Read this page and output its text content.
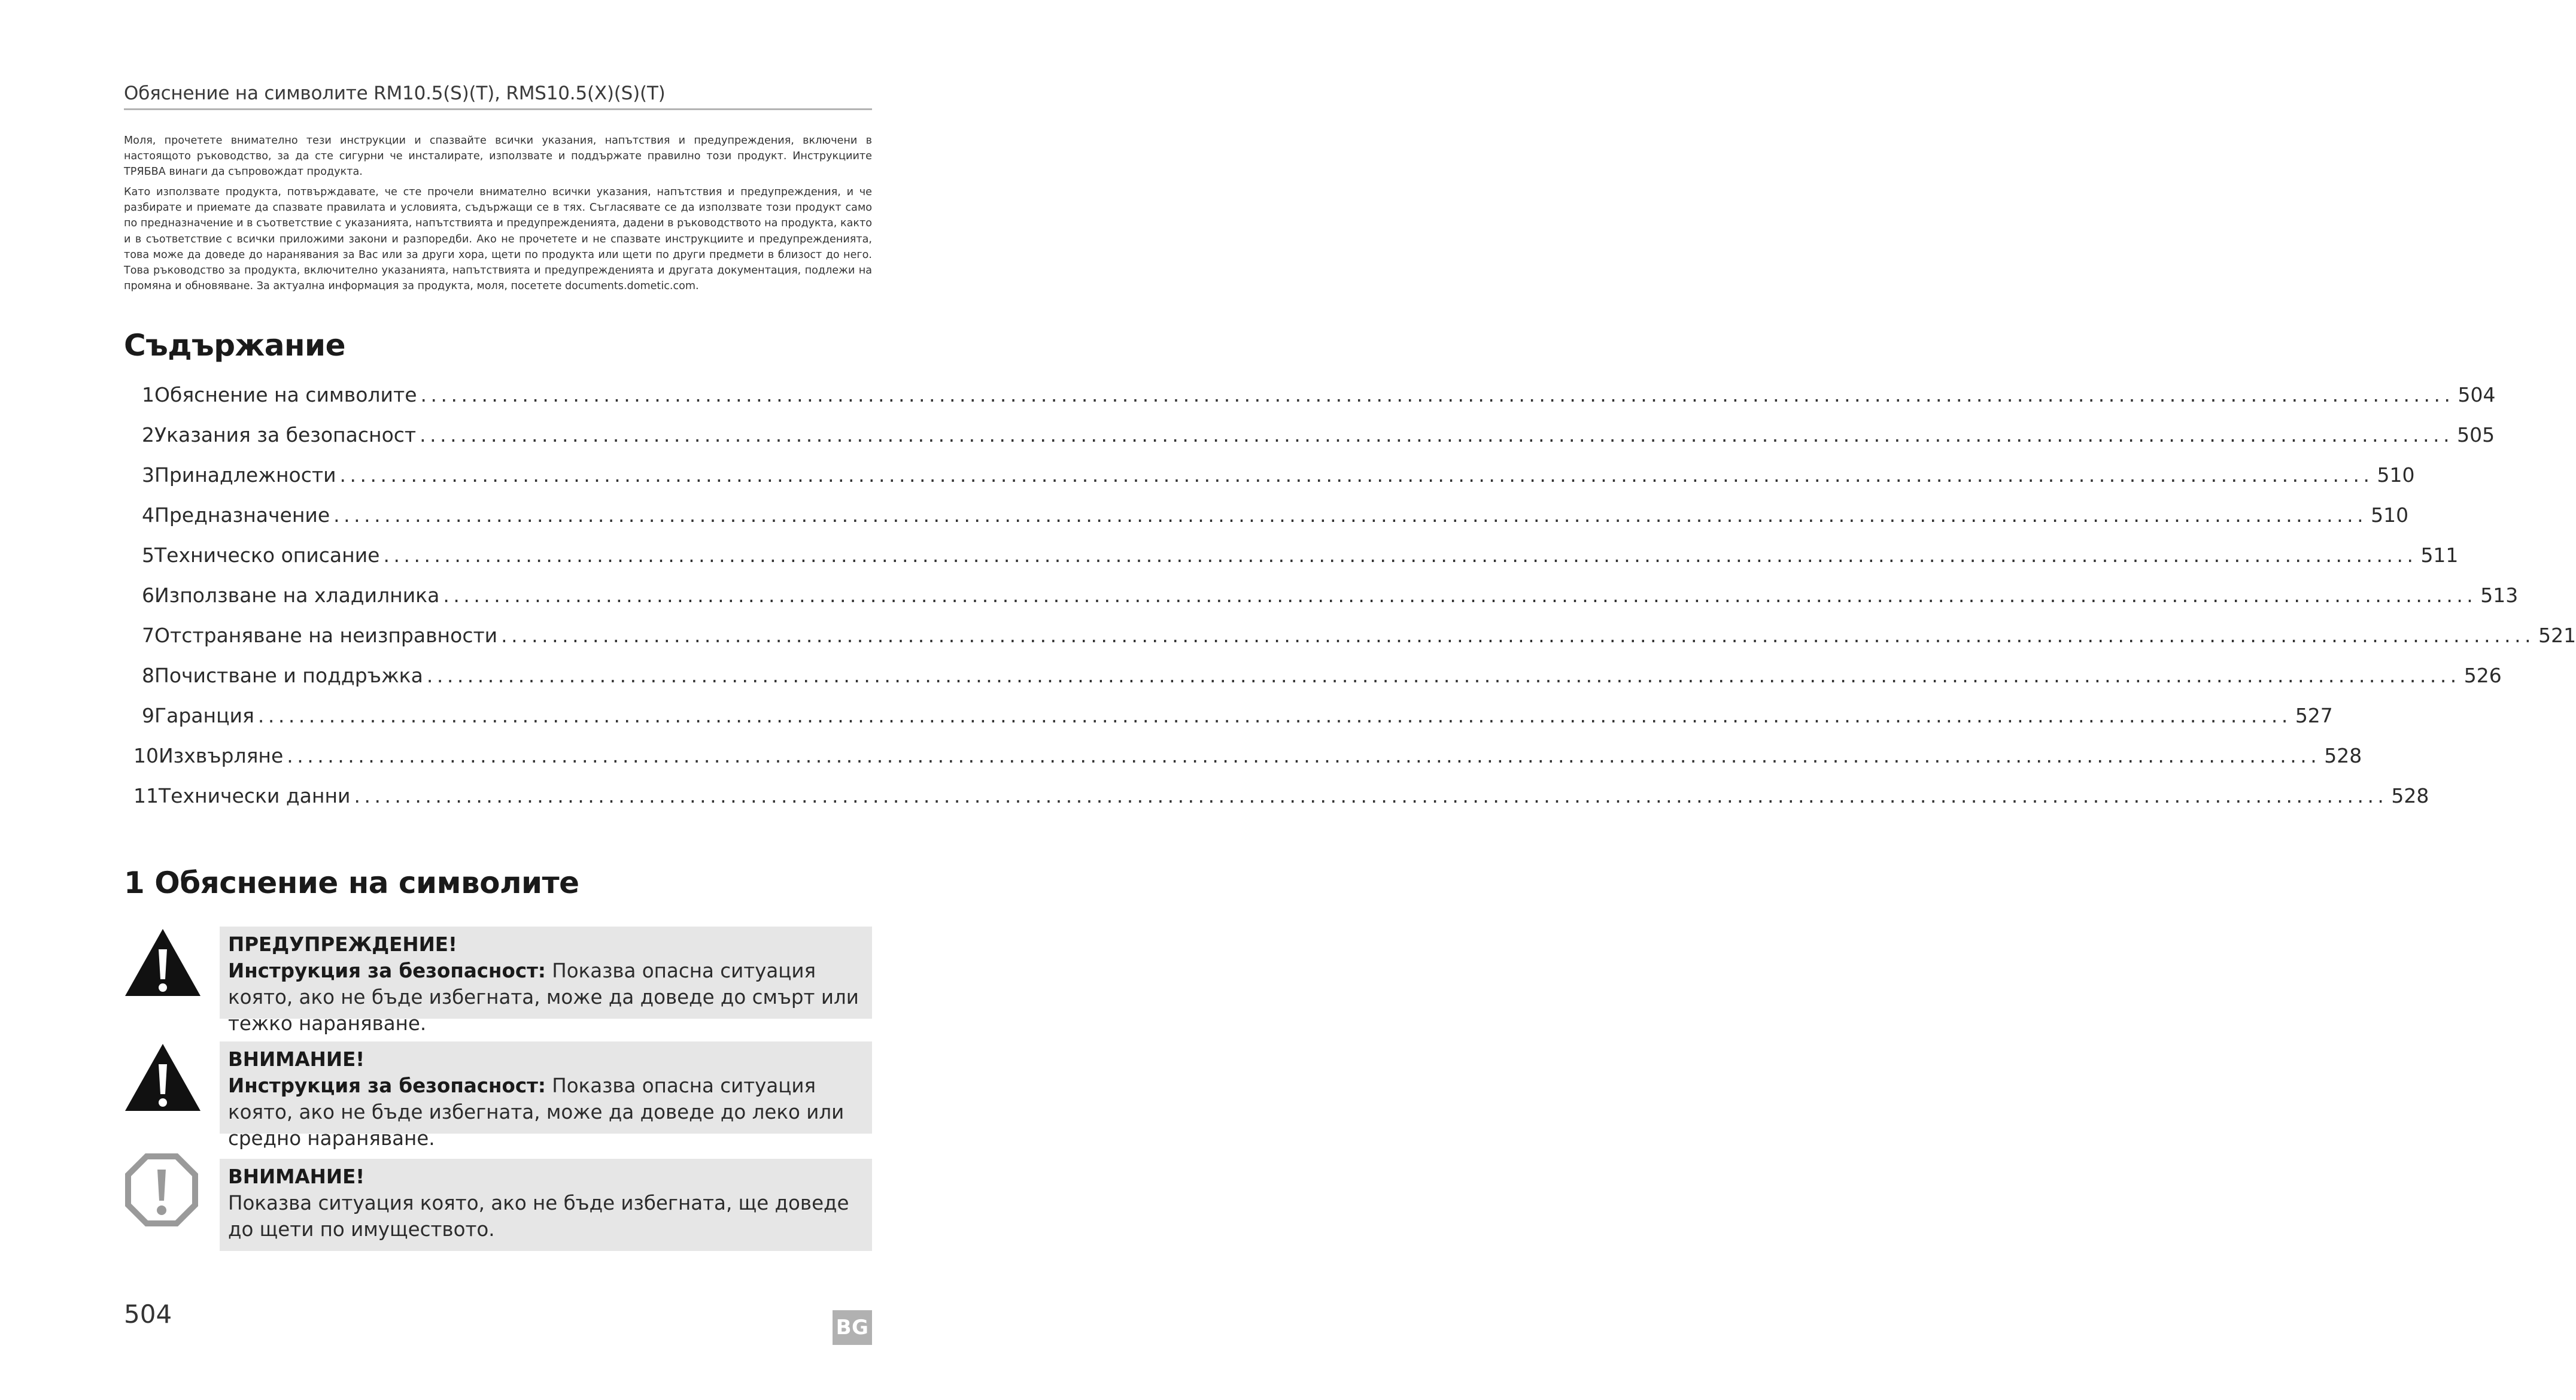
Обяснение на символите RM10.5(S)(T), RMS10.5(X)(S)(T)

Моля, прочетете внимателно тези инструкции и спазвайте всички указания, напътствия и предупреждения, включени в настоящото ръководство, за да сте сигурни че инсталирате, използвате и поддържате правилно този продукт. Инструкциите ТРЯБВА винаги да съпровождат продукта.

Като използвате продукта, потвърждавате, че сте прочели внимателно всички указания, напътствия и предупреждения, и че разбирате и приемате да спазвате правилата и условията, съдържащи се в тях. Съгласявате се да използвате този продукт само по предназначение и в съответствие с указанията, напътствията и предупрежденията, дадени в ръководството на продукта, както и в съответствие с всички приложими закони и разпоредби. Ако не прочетете и не спазвате инструкциите и предупрежденията, това може да доведе до наранявания за Вас или за други хора, щети по продукта или щети по други предмети в близост до него. Това ръководство за продукта, включително указанията, напътствията и предупрежденията и другата документация, подлежи на промяна и обновяване. За актуална информация за продукта, моля, посетете documents.dometic.com.

Съдържание
1 Обяснение на символите ........................................................................................................................................................................................................ 504
2 Указания за безопасност ........................................................................................................................................................................................................ 505
3 Принадлежности ........................................................................................................................................................................................................ 510
4 Предназначение ........................................................................................................................................................................................................ 510
5 Техническо описание ........................................................................................................................................................................................................ 511
6 Използване на хладилника ........................................................................................................................................................................................................ 513
7 Отстраняване на неизправности ........................................................................................................................................................................................................ 521
8 Почистване и поддръжка ........................................................................................................................................................................................................ 526
9 Гаранция ........................................................................................................................................................................................................ 527
10 Изхвърляне ........................................................................................................................................................................................................ 528
11 Технически данни ........................................................................................................................................................................................................ 528
1 Обяснение на символите
ПРЕДУПРЕЖДЕНИЕ!
Инструкция за безопасност: Показва опасна ситуация която, ако не бъде избегната, може да доведе до смърт или тежко нараняване.
ВНИМАНИЕ!
Инструкция за безопасност: Показва опасна ситуация която, ако не бъде избегната, може да доведе до леко или средно нараняване.
ВНИМАНИЕ!
Показва ситуация която, ако не бъде избегната, ще доведе до щети по имуществото.
504	BG
